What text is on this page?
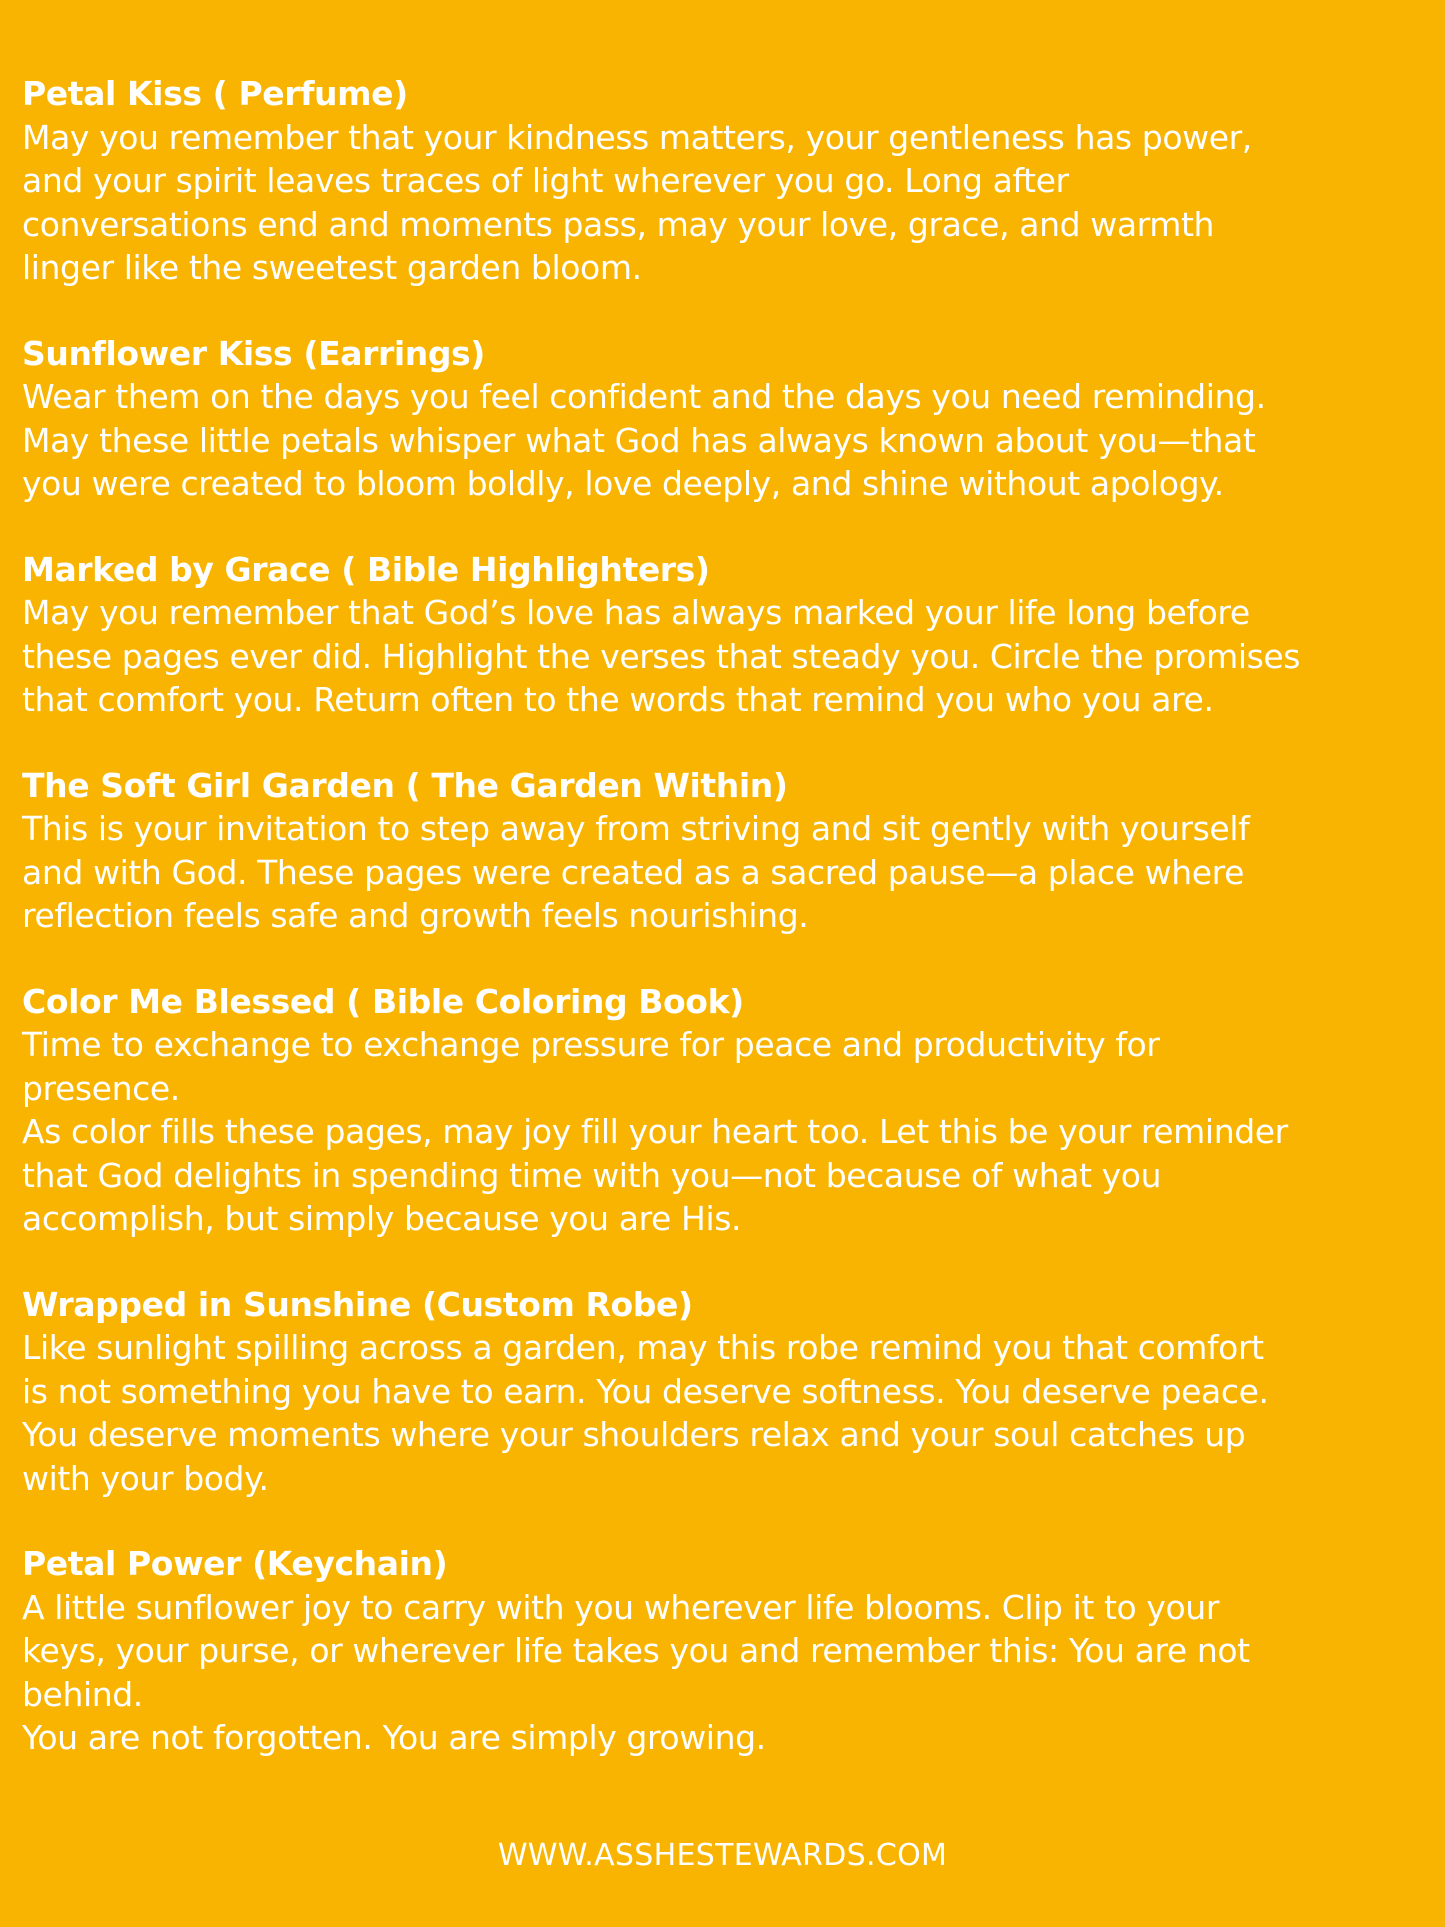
Petal Kiss ( Perfume)
May you remember that your kindness matters, your gentleness has power,
and your spirit leaves traces of light wherever you go. Long after
conversations end and moments pass, may your love, grace, and warmth
linger like the sweetest garden bloom.
Sunflower Kiss (Earrings)
Wear them on the days you feel confident and the days you need reminding.
May these little petals whisper what God has always known about you—that
you were created to bloom boldly, love deeply, and shine without apology.
Marked by Grace ( Bible Highlighters)
May you remember that God’s love has always marked your life long before
these pages ever did. Highlight the verses that steady you. Circle the promises
that comfort you. Return often to the words that remind you who you are.
The Soft Girl Garden ( The Garden Within)
This is your invitation to step away from striving and sit gently with yourself
and with God. These pages were created as a sacred pause—a place where
reflection feels safe and growth feels nourishing.
Color Me Blessed ( Bible Coloring Book)
Time to exchange to exchange pressure for peace and productivity for
presence.
As color fills these pages, may joy fill your heart too. Let this be your reminder
that God delights in spending time with you—not because of what you
accomplish, but simply because you are His.
Wrapped in Sunshine (Custom Robe)
Like sunlight spilling across a garden, may this robe remind you that comfort
is not something you have to earn. You deserve softness. You deserve peace.
You deserve moments where your shoulders relax and your soul catches up
with your body.
Petal Power (Keychain)
A little sunflower joy to carry with you wherever life blooms. Clip it to your
keys, your purse, or wherever life takes you and remember this: You are not
behind.
You are not forgotten. You are simply growing.
WWW.ASSHESTEWARDS.COM
